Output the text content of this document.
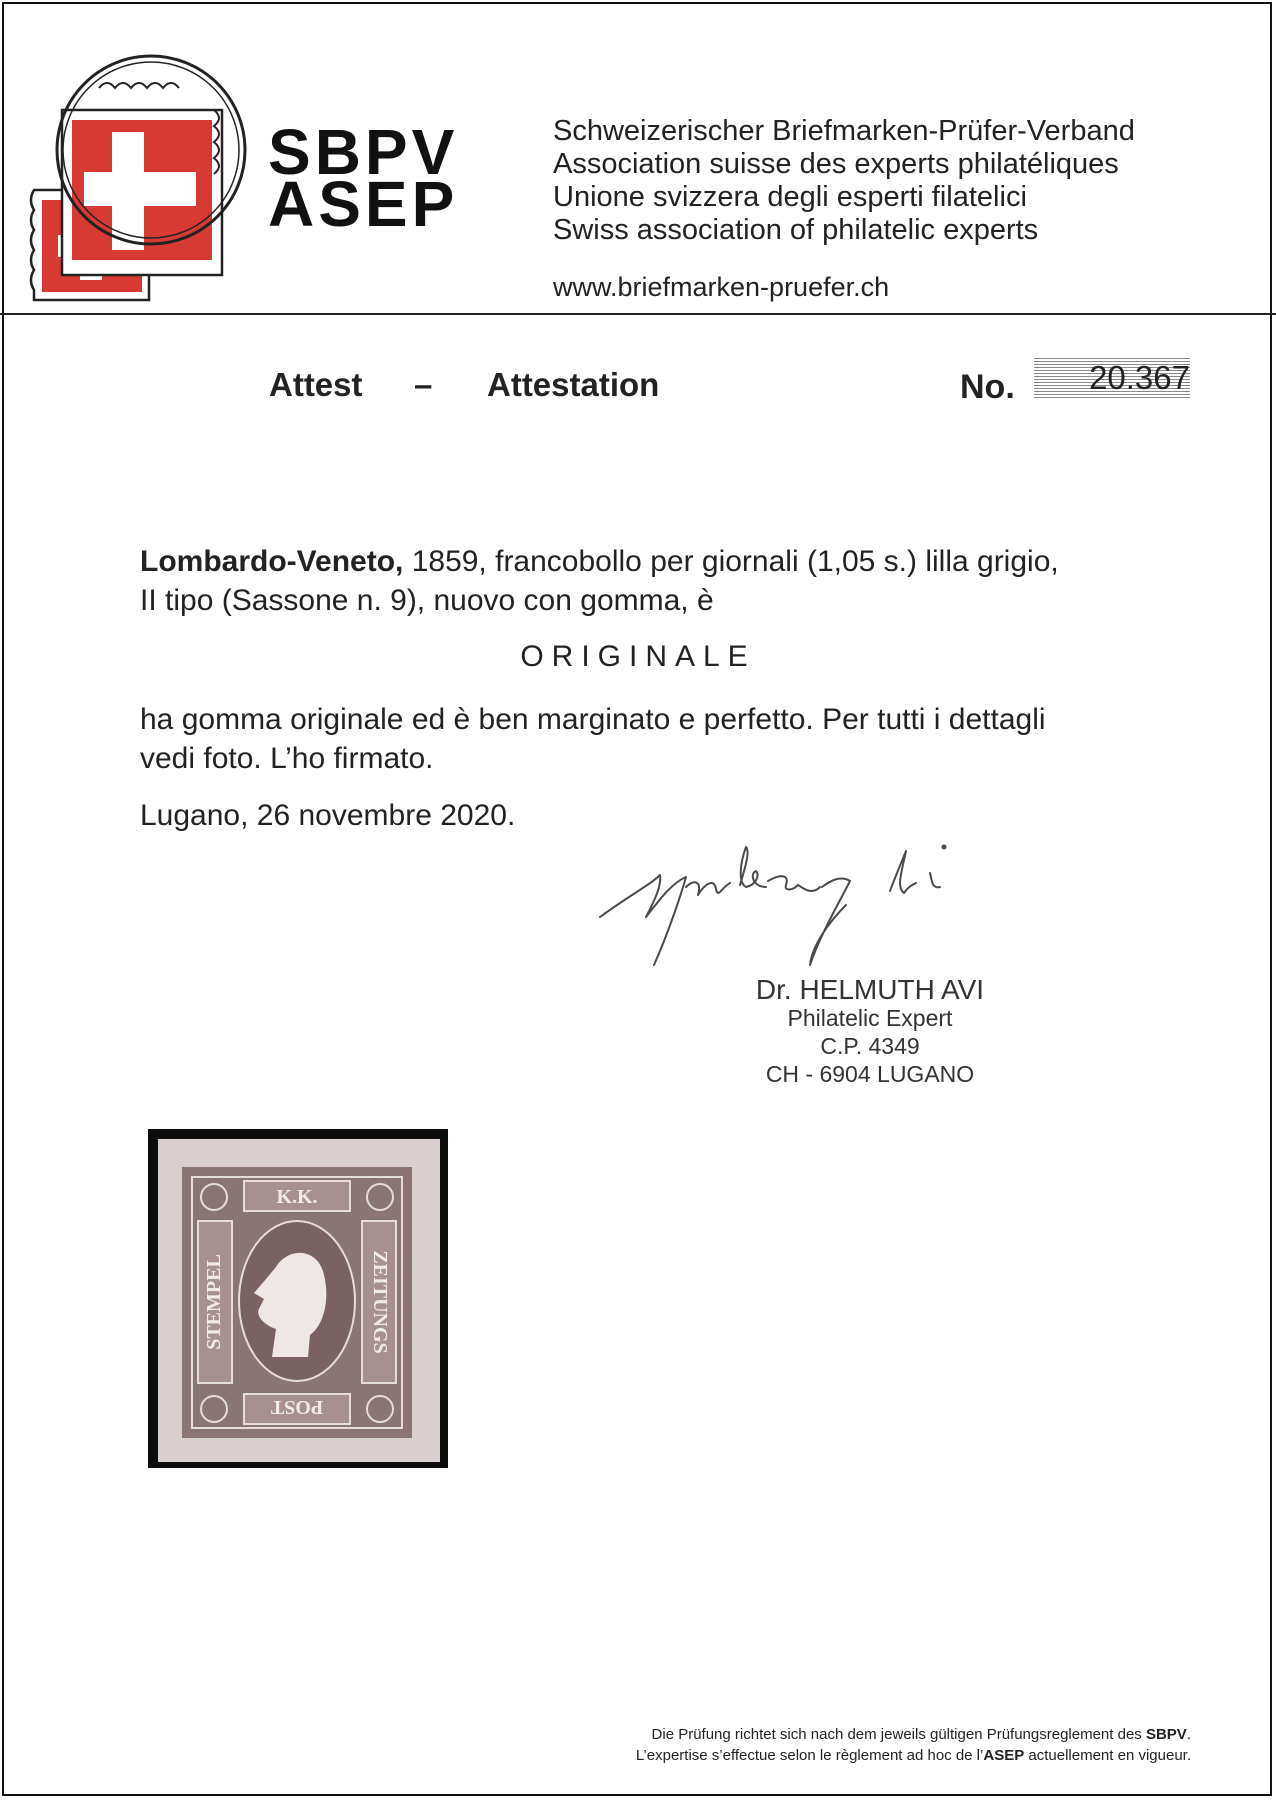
SBPV
ASEP
Schweizerischer Briefmarken-Prüfer-Verband
Association suisse des experts philatéliques
Unione svizzera degli esperti filatelici
Swiss association of philatelic experts
www.briefmarken-pruefer.ch
Attest – Attestation	No.	20.367
Lombardo-Veneto, 1859, francobollo per giornali (1,05 s.) lilla grigio,
II tipo (Sassone n. 9), nuovo con gomma, è
ORIGINALE
ha gomma originale ed è ben marginato e perfetto. Per tutti i dettagli
vedi foto. L’ho firmato.
Lugano, 26 novembre 2020.
Dr. HELMUTH AVI
Philatelic Expert
C.P. 4349
CH - 6904 LUGANO
K.K.
STEMPEL	ZEITUNGS
POST
Die Prüfung richtet sich nach dem jeweils gültigen Prüfungsreglement des SBPV.
L’expertise s’effectue selon le règlement ad hoc de l’ASEP actuellement en vigueur.
